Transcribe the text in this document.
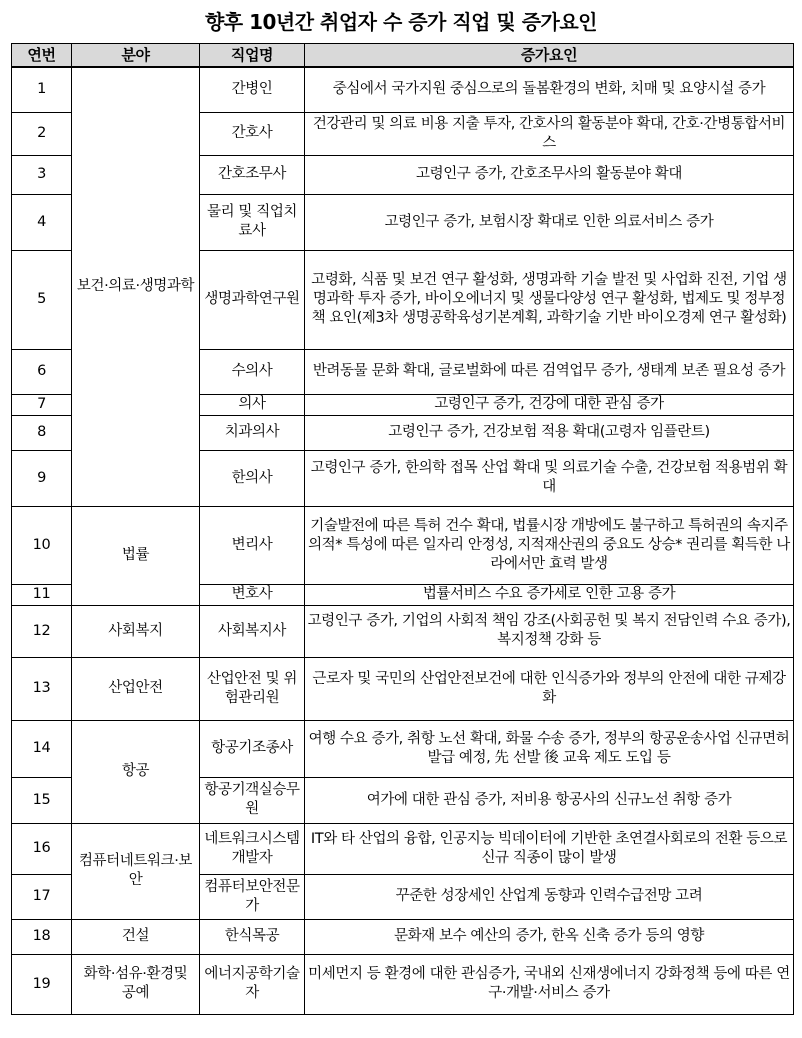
향후 10년간 취업자 수 증가 직업 및 증가요인
연번	분야	직업명	증가요인
1	보건·의료·생명과학	간병인	중심에서 국가지원 중심으로의 돌봄환경의 변화, 치매 및 요양시설 증가
2		간호사	건강관리 및 의료 비용 지출 투자, 간호사의 활동분야 확대, 간호·간병통합서비스
3		간호조무사	고령인구 증가, 간호조무사의 활동분야 확대
4		물리 및 직업치료사	고령인구 증가, 보험시장 확대로 인한 의료서비스 증가
5		생명과학연구원	고령화, 식품 및 보건 연구 활성화, 생명과학 기술 발전 및 사업화 진전, 기업 생명과학 투자 증가, 바이오에너지 및 생물다양성 연구 활성화, 법제도 및 정부정책 요인(제3차 생명공학육성기본계획, 과학기술 기반 바이오경제 연구 활성화)
6		수의사	반려동물 문화 확대, 글로벌화에 따른 검역업무 증가, 생태계 보존 필요성 증가
7		의사	고령인구 증가, 건강에 대한 관심 증가
8		치과의사	고령인구 증가, 건강보험 적용 확대(고령자 임플란트)
9		한의사	고령인구 증가, 한의학 접목 산업 확대 및 의료기술 수출, 건강보험 적용범위 확대
10	법률	변리사	기술발전에 따른 특허 건수 확대, 법률시장 개방에도 불구하고 특허권의 속지주의적* 특성에 따른 일자리 안정성, 지적재산권의 중요도 상승* 권리를 획득한 나라에서만 효력 발생
11		변호사	법률서비스 수요 증가세로 인한 고용 증가
12	사회복지	사회복지사	고령인구 증가, 기업의 사회적 책임 강조(사회공헌 및 복지 전담인력 수요 증가), 복지정책 강화 등
13	산업안전	산업안전 및 위험관리원	근로자 및 국민의 산업안전보건에 대한 인식증가와 정부의 안전에 대한 규제강화
14	항공	항공기조종사	여행 수요 증가, 취항 노선 확대, 화물 수송 증가, 정부의 항공운송사업 신규면허 발급 예정, 先 선발 後 교육 제도 도입 등
15		항공기객실승무원	여가에 대한 관심 증가, 저비용 항공사의 신규노선 취항 증가
16	컴퓨터네트워크·보안	네트워크시스템개발자	IT와 타 산업의 융합, 인공지능 빅데이터에 기반한 초연결사회로의 전환 등으로 신규 직종이 많이 발생
17		컴퓨터보안전문가	꾸준한 성장세인 산업계 동향과 인력수급전망 고려
18	건설	한식목공	문화재 보수 예산의 증가, 한옥 신축 증가 등의 영향
19	화학·섬유·환경및 공예	에너지공학기술자	미세먼지 등 환경에 대한 관심증가, 국내외 신재생에너지 강화정책 등에 따른 연구·개발·서비스 증가
